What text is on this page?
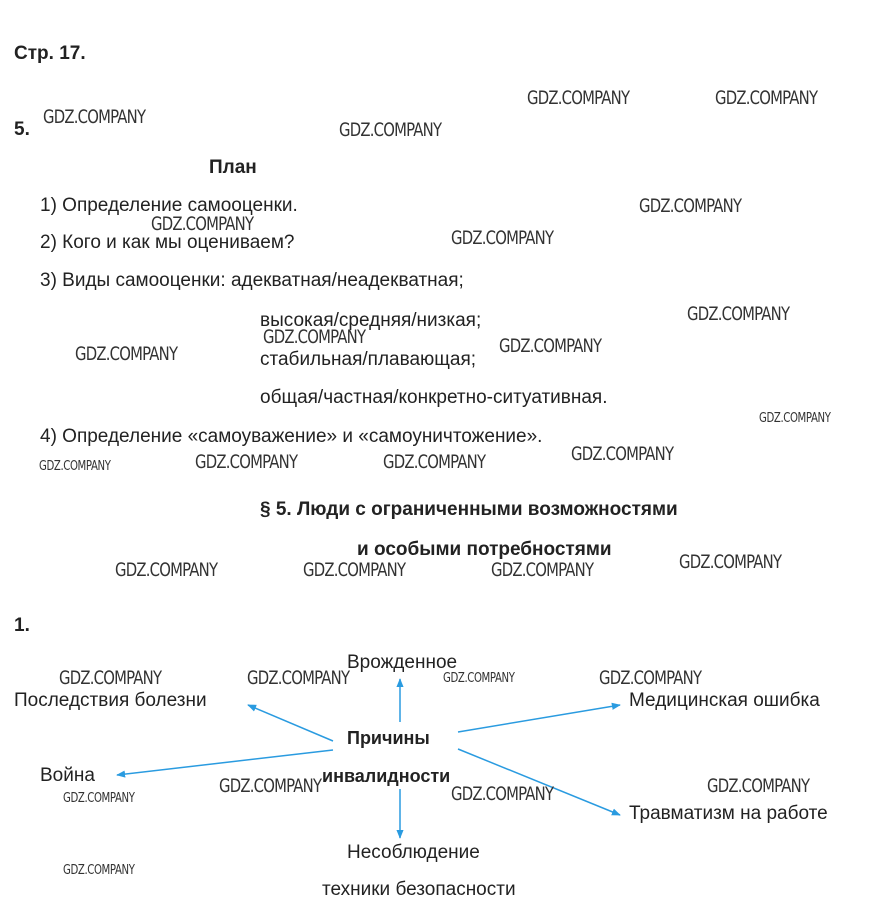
Стр. 17.
5.
План
1) Определение самооценки.
2) Кого и как мы оцениваем?
3) Виды самооценки: адекватная/неадекватная;
высокая/средняя/низкая;
стабильная/плавающая;
общая/частная/конкретно-ситуативная.
4) Определение «самоуважение» и «самоуничтожение».
§ 5. Люди с ограниченными возможностями
и особыми потребностями
1.
Причины
инвалидности
Врожденное
Последствия болезни
Война
Медицинская ошибка
Травматизм на работе
Несоблюдение
техники безопасности
GDZ.COMPANY	GDZ.COMPANY
GDZ.COMPANY
GDZ.COMPANY
GDZ.COMPANY
GDZ.COMPANY
GDZ.COMPANY
GDZ.COMPANY
GDZ.COMPANY	GDZ.COMPANY
GDZ.COMPANY
GDZ.COMPANY
GDZ.COMPANY
GDZ.COMPANY	GDZ.COMPANY
GDZ.COMPANY
GDZ.COMPANY
GDZ.COMPANY	GDZ.COMPANY	GDZ.COMPANY
GDZ.COMPANY	GDZ.COMPANY	GDZ.COMPANY	GDZ.COMPANY
GDZ.COMPANY	GDZ.COMPANY
GDZ.COMPANY
GDZ.COMPANY
GDZ.COMPANY
